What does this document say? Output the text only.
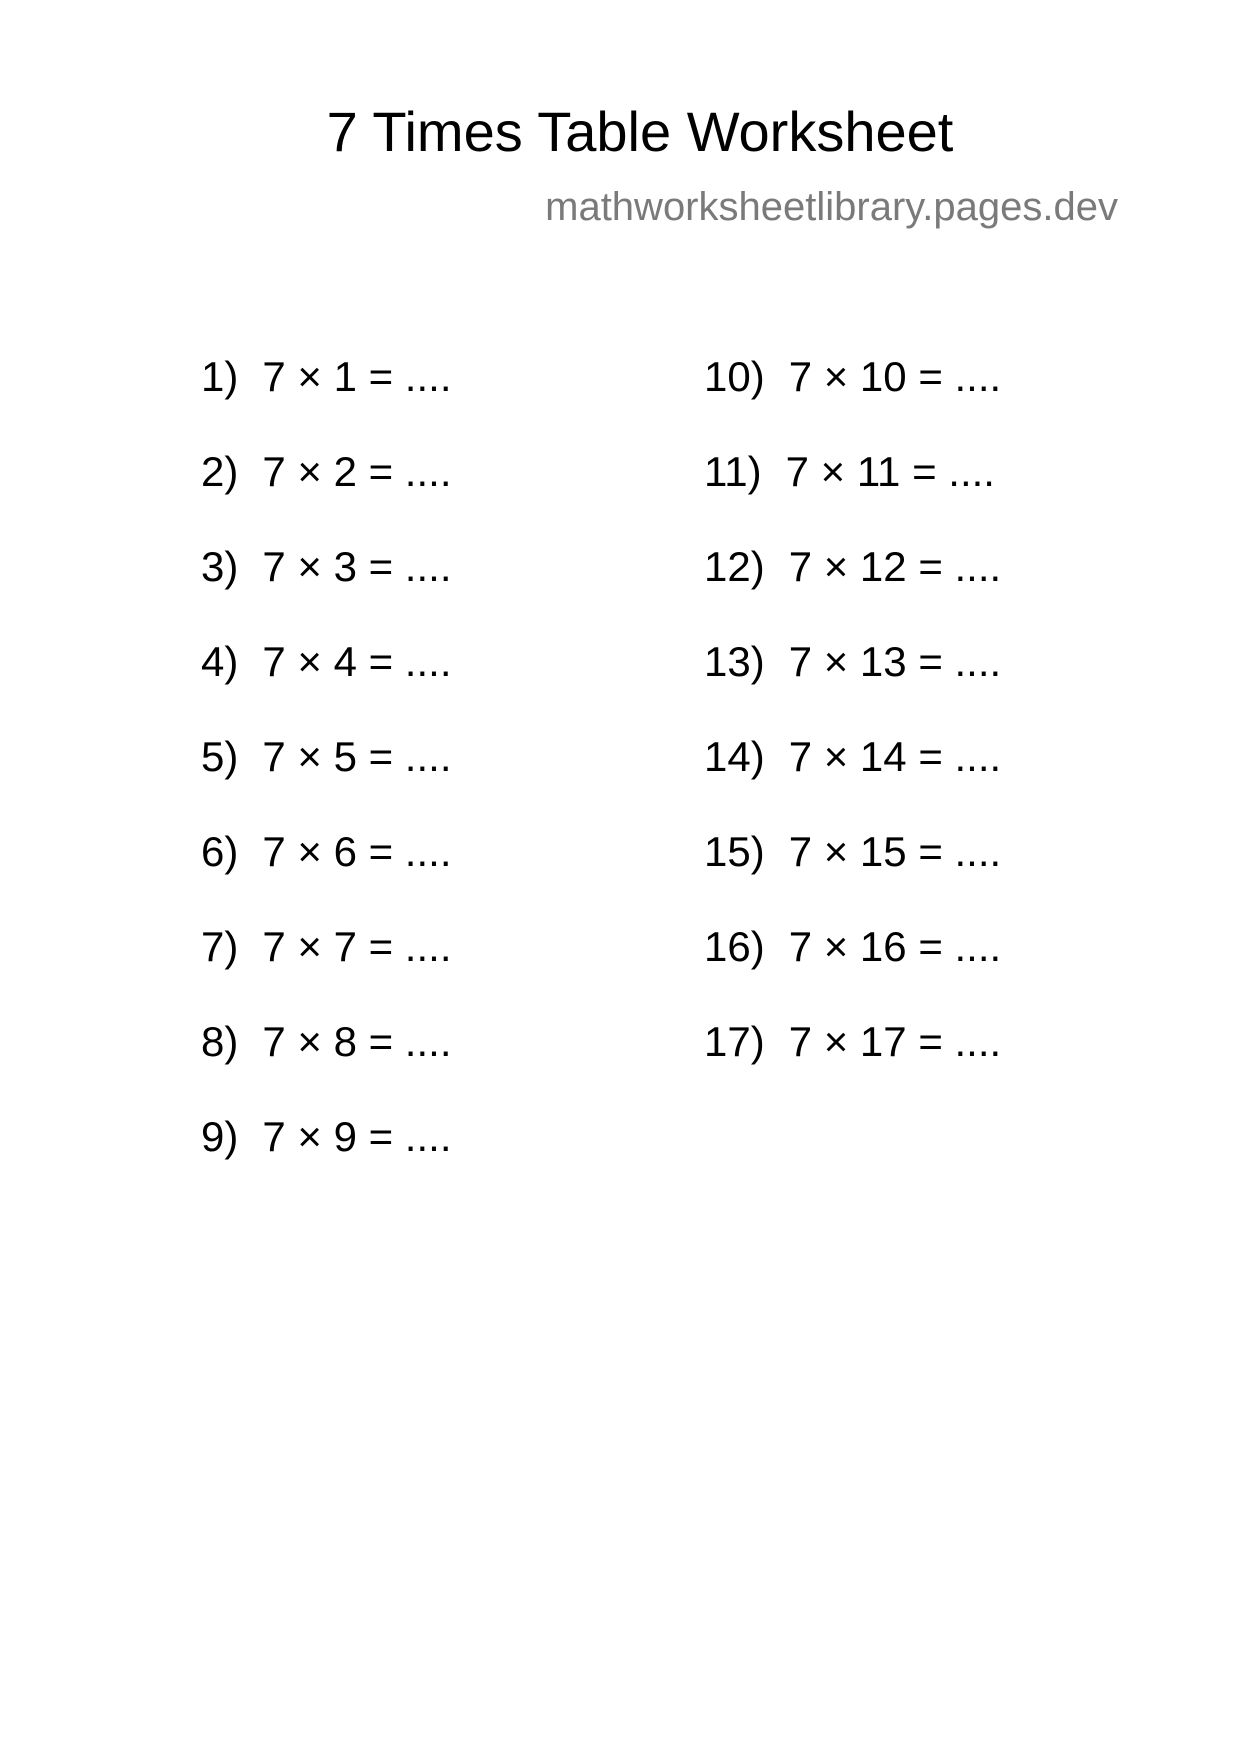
7 Times Table Worksheet
mathworksheetlibrary.pages.dev
1) 7 × 1 = ....
2) 7 × 2 = ....
3) 7 × 3 = ....
4) 7 × 4 = ....
5) 7 × 5 = ....
6) 7 × 6 = ....
7) 7 × 7 = ....
8) 7 × 8 = ....
9) 7 × 9 = ....
10) 7 × 10 = ....
11) 7 × 11 = ....
12) 7 × 12 = ....
13) 7 × 13 = ....
14) 7 × 14 = ....
15) 7 × 15 = ....
16) 7 × 16 = ....
17) 7 × 17 = ....
